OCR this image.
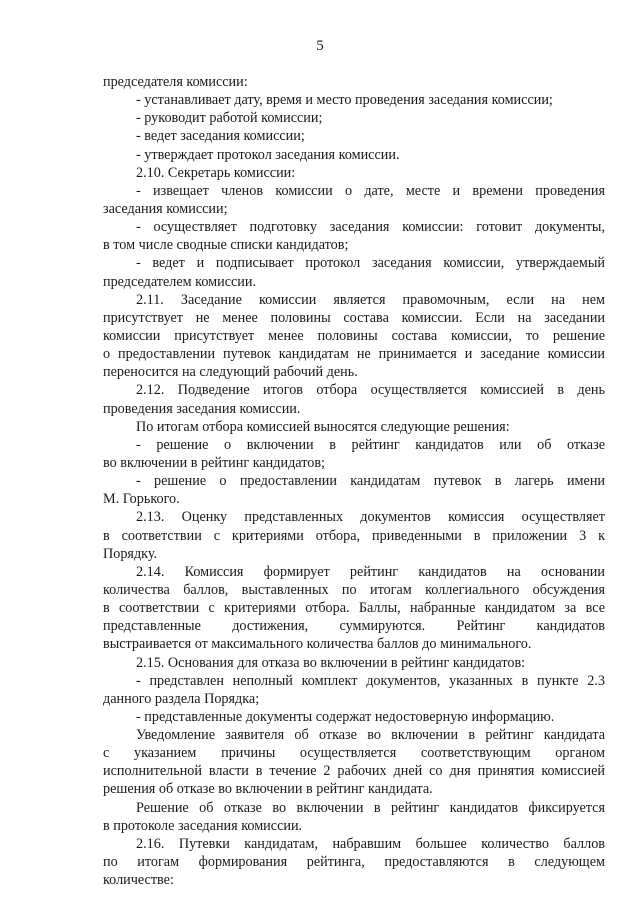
5
председателя комиссии:
- устанавливает дату, время и место проведения заседания комиссии;
- руководит работой комиссии;
- ведет заседания комиссии;
- утверждает протокол заседания комиссии.
2.10. Секретарь комиссии:
- извещает членов комиссии о дате, месте и времени проведения
заседания комиссии;
- осуществляет подготовку заседания комиссии: готовит документы,
в том числе сводные списки кандидатов;
- ведет и подписывает протокол заседания комиссии, утверждаемый
председателем комиссии.
2.11. Заседание комиссии является правомочным, если на нем
присутствует не менее половины состава комиссии. Если на заседании
комиссии присутствует менее половины состава комиссии, то решение
о предоставлении путевок кандидатам не принимается и заседание комиссии
переносится на следующий рабочий день.
2.12. Подведение итогов отбора осуществляется комиссией в день
проведения заседания комиссии.
По итогам отбора комиссией выносятся следующие решения:
- решение о включении в рейтинг кандидатов или об отказе
во включении в рейтинг кандидатов;
- решение о предоставлении кандидатам путевок в лагерь имени
М. Горького.
2.13. Оценку представленных документов комиссия осуществляет
в соответствии с критериями отбора, приведенными в приложении 3 к
Порядку.
2.14. Комиссия формирует рейтинг кандидатов на основании
количества баллов, выставленных по итогам коллегиального обсуждения
в соответствии с критериями отбора. Баллы, набранные кандидатом за все
представленные достижения, суммируются. Рейтинг кандидатов
выстраивается от максимального количества баллов до минимального.
2.15. Основания для отказа во включении в рейтинг кандидатов:
- представлен неполный комплект документов, указанных в пункте 2.3
данного раздела Порядка;
- представленные документы содержат недостоверную информацию.
Уведомление заявителя об отказе во включении в рейтинг кандидата
с указанием причины осуществляется соответствующим органом
исполнительной власти в течение 2 рабочих дней со дня принятия комиссией
решения об отказе во включении в рейтинг кандидата.
Решение об отказе во включении в рейтинг кандидатов фиксируется
в протоколе заседания комиссии.
2.16. Путевки кандидатам, набравшим большее количество баллов
по итогам формирования рейтинга, предоставляются в следующем
количестве:
